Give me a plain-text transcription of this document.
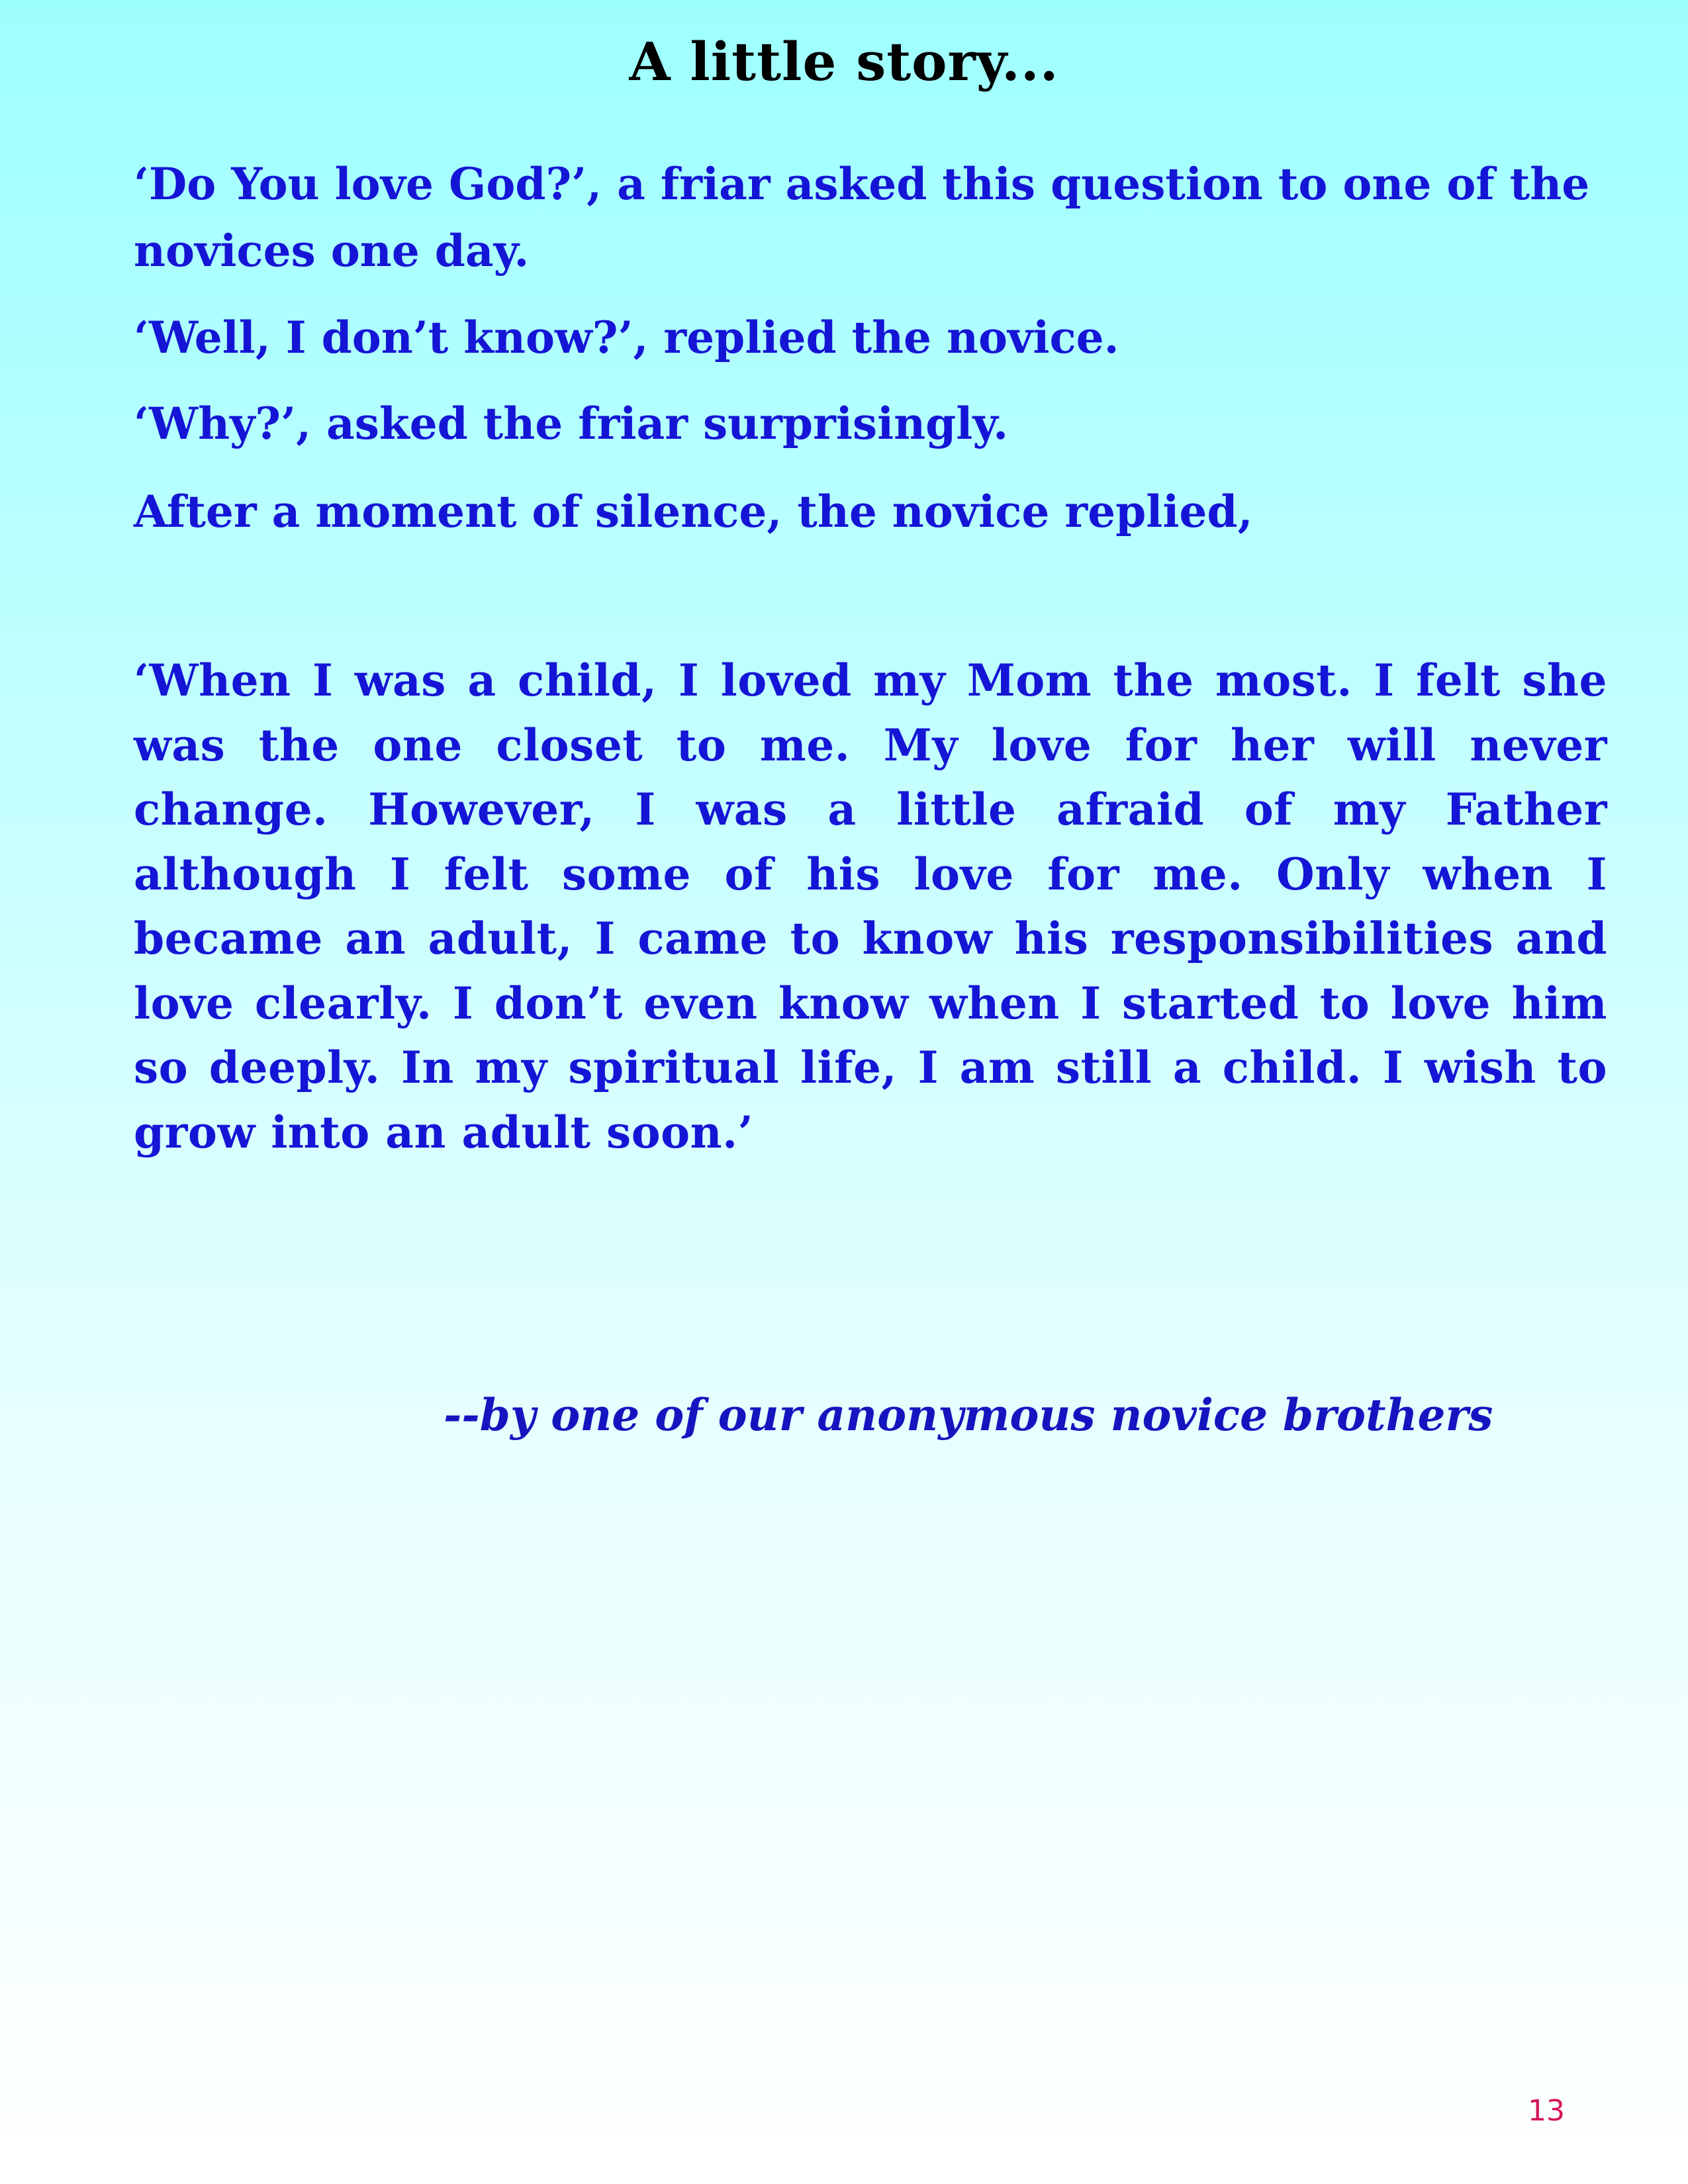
A little story...

‘Do You love God?’, a friar asked this question to one of the novices one day.

‘Well, I don’t know?’, replied the novice.

‘Why?’, asked the friar surprisingly.

After a moment of silence, the novice replied,

‘When I was a child, I loved my Mom the most. I felt she was the one closet to me. My love for her will never change. However, I was a little afraid of my Father although I felt some of his love for me. Only when I became an adult, I came to know his responsibilities and love clearly. I don’t even know when I started to love him so deeply. In my spiritual life, I am still a child. I wish to grow into an adult soon.’

--by one of our anonymous novice brothers
13
